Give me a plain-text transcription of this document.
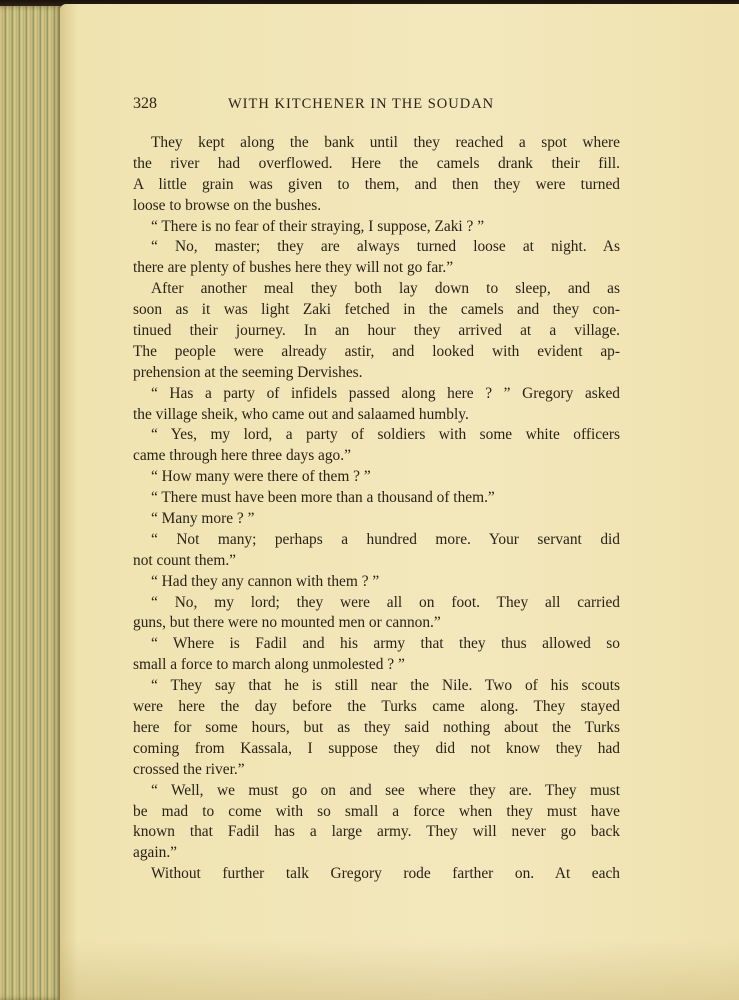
328	WITH KITCHENER IN THE SOUDAN
They kept along the bank until they reached a spot where
the river had overflowed. Here the camels drank their fill.
A little grain was given to them, and then they were turned
loose to browse on the bushes.
“ There is no fear of their straying, I suppose, Zaki ? ”
“ No, master; they are always turned loose at night. As
there are plenty of bushes here they will not go far.”
After another meal they both lay down to sleep, and as
soon as it was light Zaki fetched in the camels and they con-
tinued their journey. In an hour they arrived at a village.
The people were already astir, and looked with evident ap-
prehension at the seeming Dervishes.
“ Has a party of infidels passed along here ? ” Gregory asked
the village sheik, who came out and salaamed humbly.
“ Yes, my lord, a party of soldiers with some white officers
came through here three days ago.”
“ How many were there of them ? ”
“ There must have been more than a thousand of them.”
“ Many more ? ”
“ Not many; perhaps a hundred more. Your servant did
not count them.”
“ Had they any cannon with them ? ”
“ No, my lord; they were all on foot. They all carried
guns, but there were no mounted men or cannon.”
“ Where is Fadil and his army that they thus allowed so
small a force to march along unmolested ? ”
“ They say that he is still near the Nile. Two of his scouts
were here the day before the Turks came along. They stayed
here for some hours, but as they said nothing about the Turks
coming from Kassala, I suppose they did not know they had
crossed the river.”
“ Well, we must go on and see where they are. They must
be mad to come with so small a force when they must have
known that Fadil has a large army. They will never go back
again.”
Without further talk Gregory rode farther on. At each
